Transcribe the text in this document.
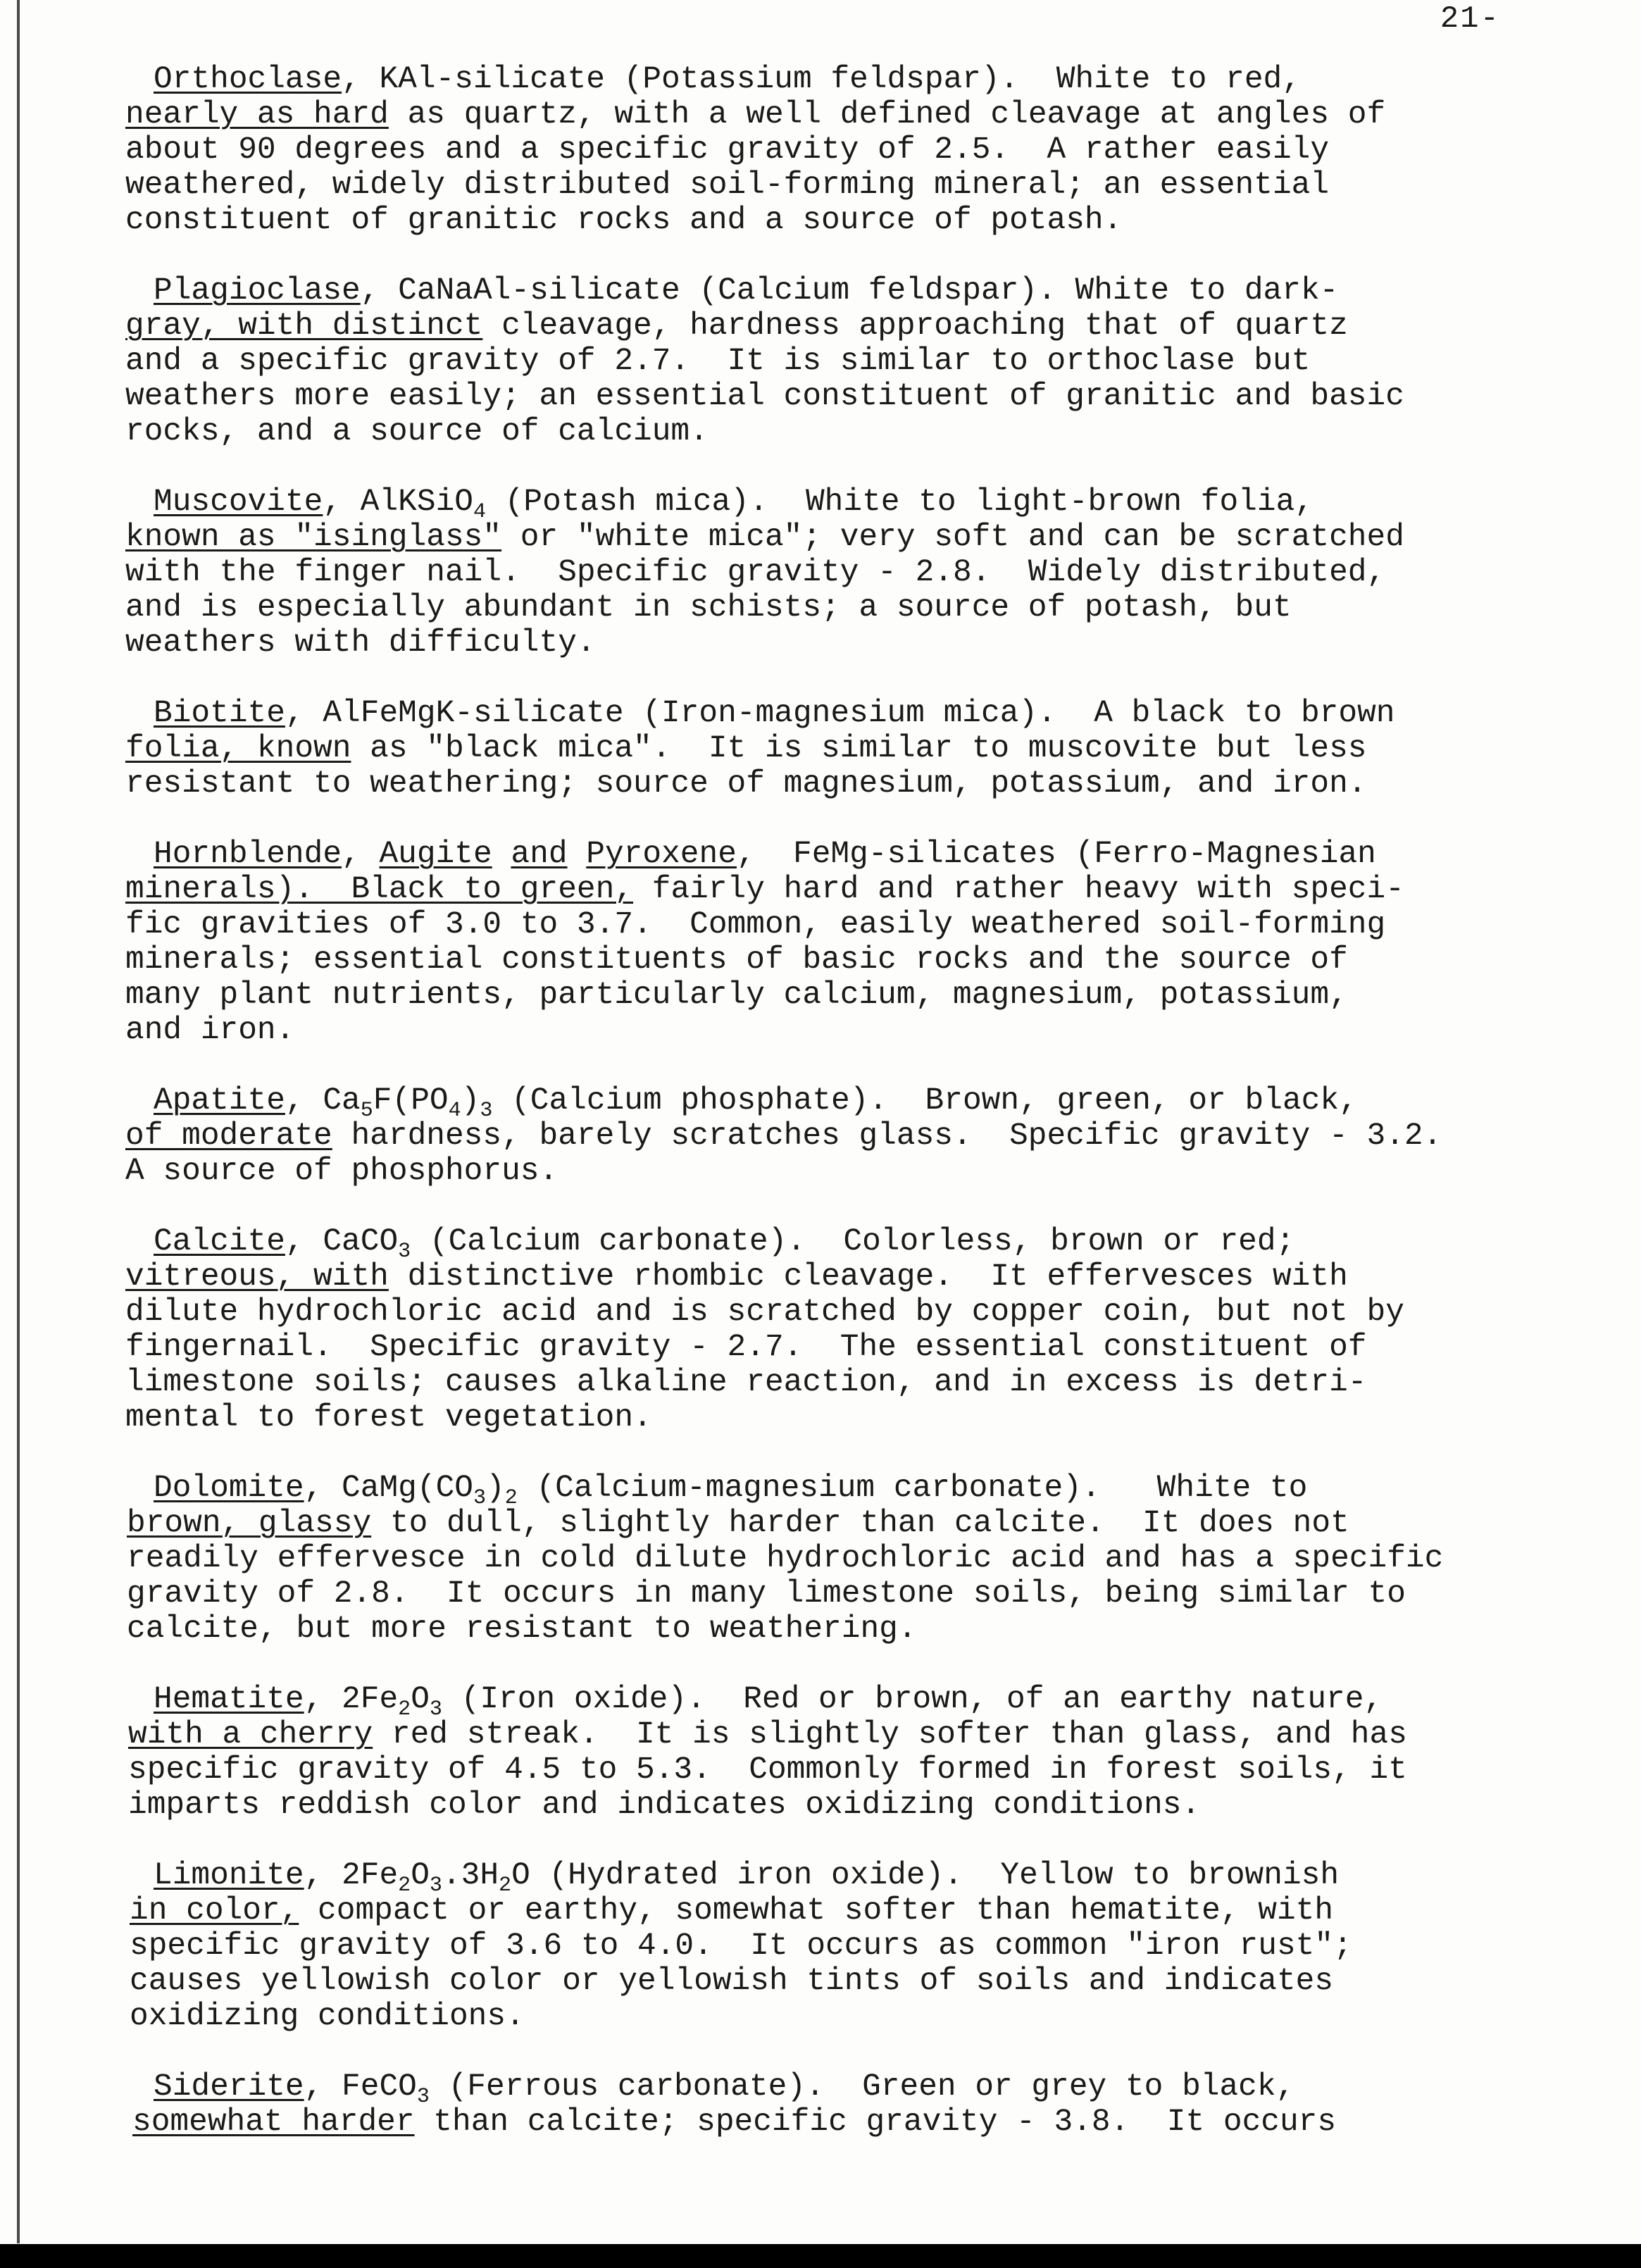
21-
Orthoclase, KAl-silicate (Potassium feldspar).  White to red,
nearly as hard as quartz, with a well defined cleavage at angles of
about 90 degrees and a specific gravity of 2.5.  A rather easily
weathered, widely distributed soil-forming mineral; an essential
constituent of granitic rocks and a source of potash.
Plagioclase, CaNaAl-silicate (Calcium feldspar). White to dark-
gray, with distinct cleavage, hardness approaching that of quartz
and a specific gravity of 2.7.  It is similar to orthoclase but
weathers more easily; an essential constituent of granitic and basic
rocks, and a source of calcium.
Muscovite, AlKSiO$_4$ (Potash mica).  White to light-brown folia,
known as "isinglass" or "white mica"; very soft and can be scratched
with the finger nail.  Specific gravity - 2.8.  Widely distributed,
and is especially abundant in schists; a source of potash, but
weathers with difficulty.
Biotite, AlFeMgK-silicate (Iron-magnesium mica).  A black to brown
folia, known as "black mica".  It is similar to muscovite but less
resistant to weathering; source of magnesium, potassium, and iron.
Hornblende, Augite and Pyroxene,  FeMg-silicates (Ferro-Magnesian
minerals).  Black to green, fairly hard and rather heavy with speci-
fic gravities of 3.0 to 3.7.  Common, easily weathered soil-forming
minerals; essential constituents of basic rocks and the source of
many plant nutrients, particularly calcium, magnesium, potassium,
and iron.
Apatite, $Ca_5F(PO_4)_3$ (Calcium phosphate).  Brown, green, or black,
of moderate hardness, barely scratches glass.  Specific gravity - 3.2.
A source of phosphorus.
Calcite, CaCO$_3$ (Calcium carbonate).  Colorless, brown or red;
vitreous, with distinctive rhombic cleavage.  It effervesces with
dilute hydrochloric acid and is scratched by copper coin, but not by
fingernail.  Specific gravity - 2.7.  The essential constituent of
limestone soils; causes alkaline reaction, and in excess is detri-
mental to forest vegetation.
Dolomite, $CaMg(CO_3)_2$ (Calcium-magnesium carbonate).   White to
brown, glassy to dull, slightly harder than calcite.  It does not
readily effervesce in cold dilute hydrochloric acid and has a specific
gravity of 2.8.  It occurs in many limestone soils, being similar to
calcite, but more resistant to weathering.
Hematite, $2Fe_2O_3$ (Iron oxide).  Red or brown, of an earthy nature,
with a cherry red streak.  It is slightly softer than glass, and has
specific gravity of 4.5 to 5.3.  Commonly formed in forest soils, it
imparts reddish color and indicates oxidizing conditions.
Limonite, $2Fe_2O_3.3H_2O$ (Hydrated iron oxide).  Yellow to brownish
in color, compact or earthy, somewhat softer than hematite, with
specific gravity of 3.6 to 4.0.  It occurs as common "iron rust";
causes yellowish color or yellowish tints of soils and indicates
oxidizing conditions.
Siderite, FeCO$_3$ (Ferrous carbonate).  Green or grey to black,
somewhat harder than calcite; specific gravity - 3.8.  It occurs
